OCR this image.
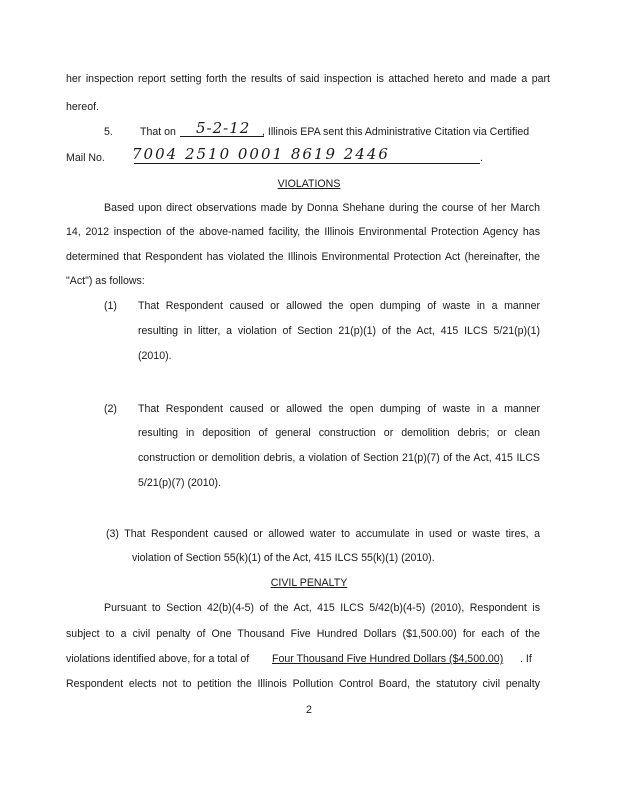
her inspection report setting forth the results of said inspection is attached hereto and made a part
hereof.
5.	That on 5-2-12 , Illinois EPA sent this Administrative Citation via Certified
Mail No. 7004 2510 0001 8619 2446	.
VIOLATIONS
Based upon direct observations made by Donna Shehane during the course of her March
14, 2012 inspection of the above-named facility, the Illinois Environmental Protection Agency has
determined that Respondent has violated the Illinois Environmental Protection Act (hereinafter, the
"Act") as follows:
(1) That Respondent caused or allowed the open dumping of waste in a manner
resulting in litter, a violation of Section 21(p)(1) of the Act, 415 ILCS 5/21(p)(1)
(2010).
(2) That Respondent caused or allowed the open dumping of waste in a manner
resulting in deposition of general construction or demolition debris; or clean
construction or demolition debris, a violation of Section 21(p)(7) of the Act, 415 ILCS
5/21(p)(7) (2010).
(3) That Respondent caused or allowed water to accumulate in used or waste tires, a
violation of Section 55(k)(1) of the Act, 415 ILCS 55(k)(1) (2010).
CIVIL PENALTY
Pursuant to Section 42(b)(4-5) of the Act, 415 ILCS 5/42(b)(4-5) (2010), Respondent is
subject to a civil penalty of One Thousand Five Hundred Dollars ($1,500.00) for each of the
violations identified above, for a total of Four Thousand Five Hundred Dollars ($4,500.00) . If
Respondent elects not to petition the Illinois Pollution Control Board, the statutory civil penalty
2
